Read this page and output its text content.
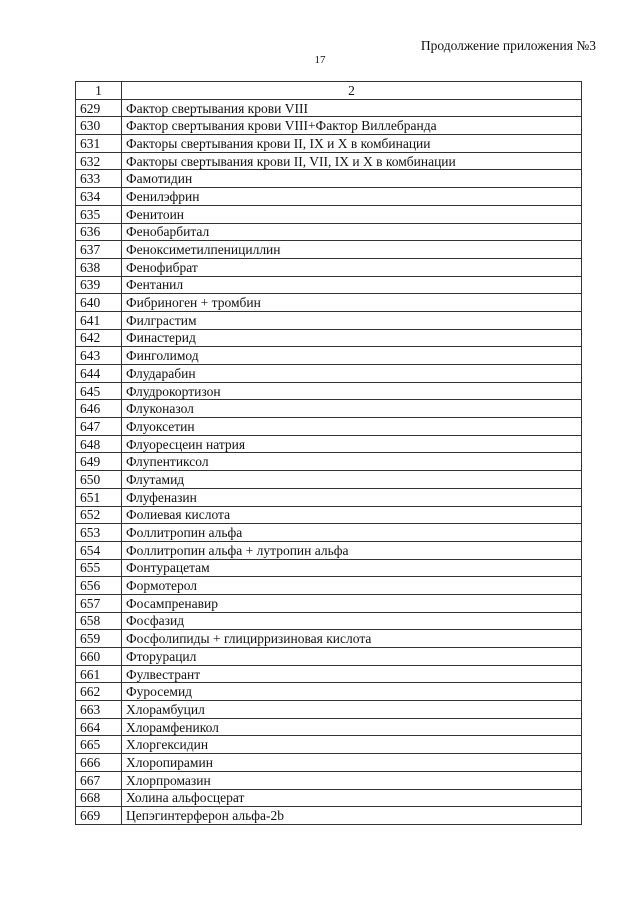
Продолжение приложения №3
17
1	2
629	Фактор свертывания крови VIII
630	Фактор свертывания крови VIII+Фактор Виллебранда
631	Факторы свертывания крови II, IX и X в комбинации
632	Факторы свертывания крови II, VII, IX и X в комбинации
633	Фамотидин
634	Фенилэфрин
635	Фенитоин
636	Фенобарбитал
637	Феноксиметилпенициллин
638	Фенофибрат
639	Фентанил
640	Фибриноген + тромбин
641	Филграстим
642	Финастерид
643	Финголимод
644	Флударабин
645	Флудрокортизон
646	Флуконазол
647	Флуоксетин
648	Флуоресцеин натрия
649	Флупентиксол
650	Флутамид
651	Флуфеназин
652	Фолиевая кислота
653	Фоллитропин альфа
654	Фоллитропин альфа + лутропин альфа
655	Фонтурацетам
656	Формотерол
657	Фосампренавир
658	Фосфазид
659	Фосфолипиды + глицирризиновая кислота
660	Фторурацил
661	Фулвестрант
662	Фуросемид
663	Хлорамбуцил
664	Хлорамфеникол
665	Хлоргексидин
666	Хлоропирамин
667	Хлорпромазин
668	Холина альфосцерат
669	Цепэгинтерферон альфа-2b
